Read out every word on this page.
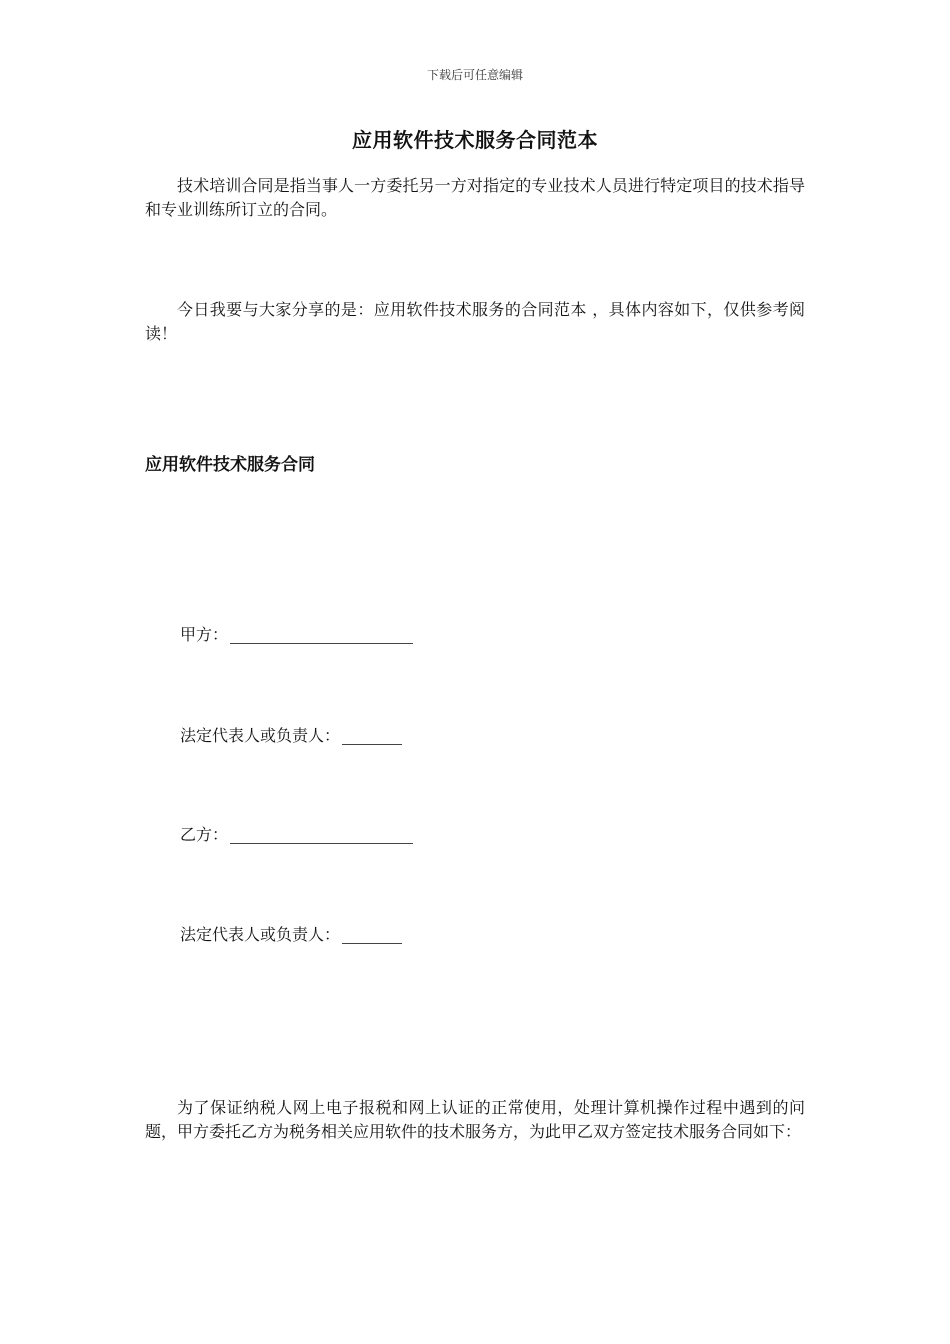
下载后可任意编辑
应用软件技术服务合同范本

技术培训合同是指当事人一方委托另一方对指定的专业技术人员进行特定项目的技术指导和专业训练所订立的合同。

今日我要与大家分享的是：应用软件技术服务的合同范本 ，具体内容如下，仅供参考阅读！

应用软件技术服务合同
甲方：
法定代表人或负责人：
乙方：
法定代表人或负责人：

为了保证纳税人网上电子报税和网上认证的正常使用，处理计算机操作过程中遇到的问题，甲方委托乙方为税务相关应用软件的技术服务方，为此甲乙双方签定技术服务合同如下：
